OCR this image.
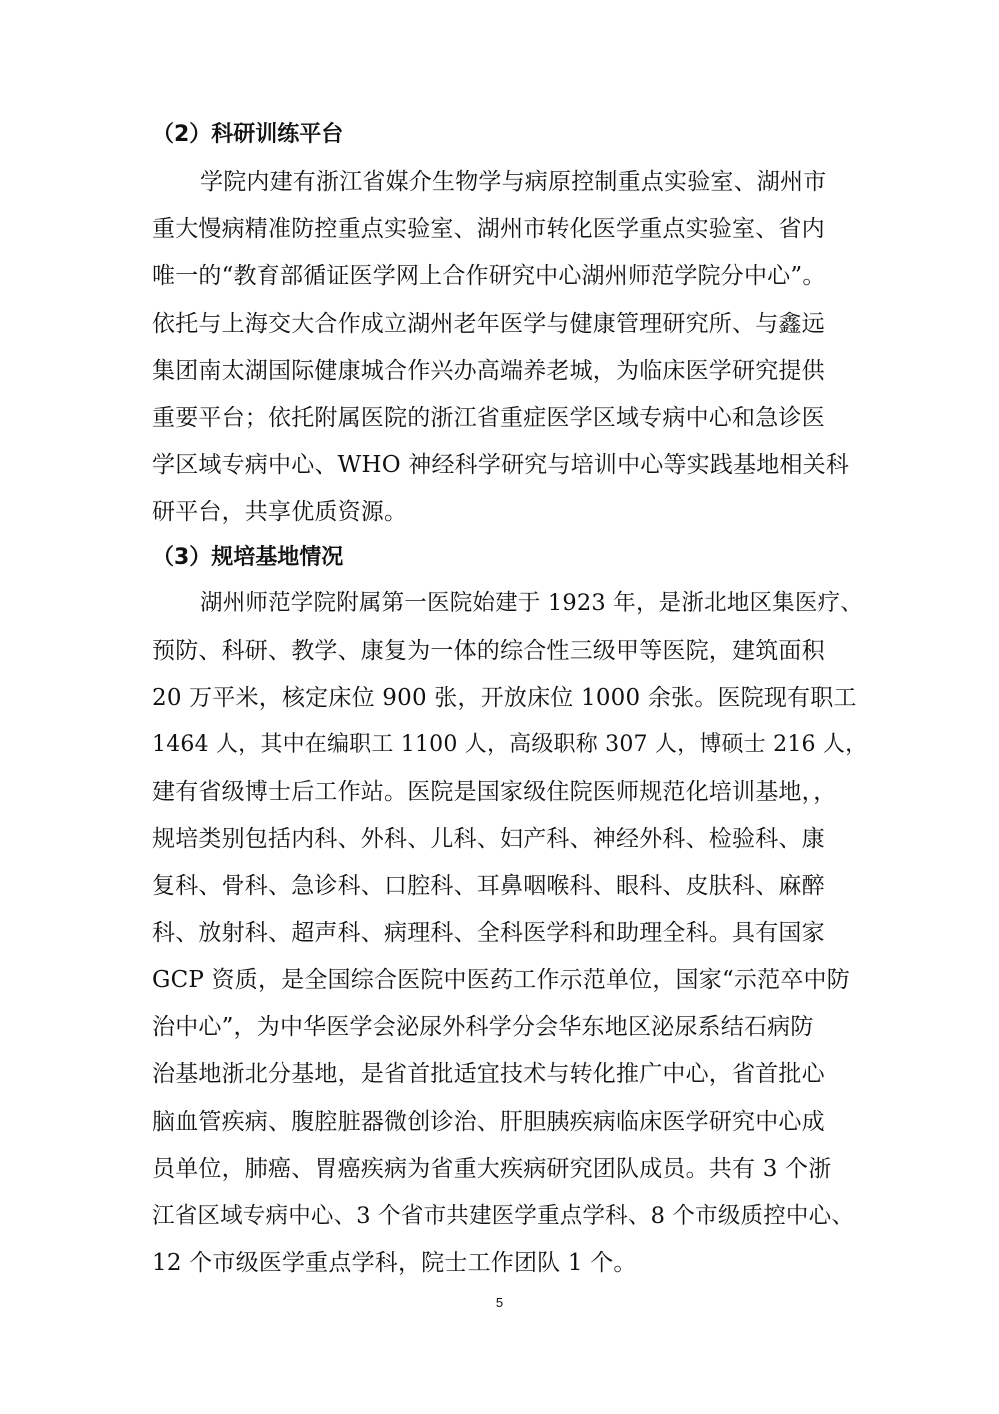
（2）科研训练平台
学院内建有浙江省媒介生物学与病原控制重点实验室、湖州市
重大慢病精准防控重点实验室、湖州市转化医学重点实验室、省内
唯一的“教育部循证医学网上合作研究中心湖州师范学院分中心”。
依托与上海交大合作成立湖州老年医学与健康管理研究所、与鑫远
集团南太湖国际健康城合作兴办高端养老城，为临床医学研究提供
重要平台；依托附属医院的浙江省重症医学区域专病中心和急诊医
学区域专病中心、WHO 神经科学研究与培训中心等实践基地相关科
研平台，共享优质资源。
（3）规培基地情况
湖州师范学院附属第一医院始建于 1923 年，是浙北地区集医疗、
预防、科研、教学、康复为一体的综合性三级甲等医院，建筑面积
20 万平米，核定床位 900 张，开放床位 1000 余张。医院现有职工
1464 人，其中在编职工 1100 人，高级职称 307 人，博硕士 216 人，
建有省级博士后工作站。医院是国家级住院医师规范化培训基地，，
规培类别包括内科、外科、儿科、妇产科、神经外科、检验科、康
复科、骨科、急诊科、口腔科、耳鼻咽喉科、眼科、皮肤科、麻醉
科、放射科、超声科、病理科、全科医学科和助理全科。具有国家
GCP 资质，是全国综合医院中医药工作示范单位，国家“示范卒中防
治中心”，为中华医学会泌尿外科学分会华东地区泌尿系结石病防
治基地浙北分基地，是省首批适宜技术与转化推广中心，省首批心
脑血管疾病、腹腔脏器微创诊治、肝胆胰疾病临床医学研究中心成
员单位，肺癌、胃癌疾病为省重大疾病研究团队成员。共有 3 个浙
江省区域专病中心、3 个省市共建医学重点学科、8 个市级质控中心、
12 个市级医学重点学科，院士工作团队 1 个。
5
